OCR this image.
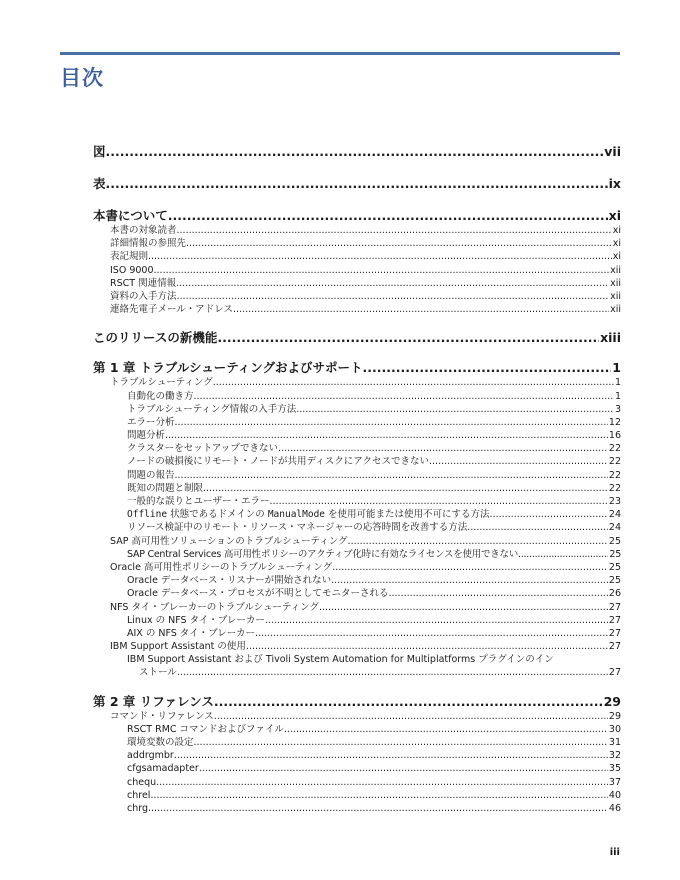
目次
図 .....	vii
表 .....	ix
本書について .....	xi
本書の対象読者 .....	xi
詳細情報の参照先 .....	xi
表記規則 .....	xi
ISO 9000 .....	xii
RSCT 関連情報 .....	xii
資料の入手方法 .....	xii
連絡先電子メール・アドレス .....	xii
このリリースの新機能 .....	xiii
第 1 章 トラブルシューティングおよびサポート .....	1
トラブルシューティング .....	1
自動化の働き方 .....	1
トラブルシューティング情報の入手方法 .....	3
エラー分析 .....	12
問題分析 .....	16
クラスターをセットアップできない .....	22
ノードの破損後にリモート・ノードが共用ディスクにアクセスできない .....	22
問題の報告 .....	22
既知の問題と制限 .....	22
一般的な誤りとユーザー・エラー .....	23
Offline 状態であるドメインの ManualMode を使用可能または使用不可にする方法 .....	24
リソース検証中のリモート・リソース・マネージャーの応答時間を改善する方法 .....	24
SAP 高可用性ソリューションのトラブルシューティング .....	25
SAP Central Services 高可用性ポリシーのアクティブ化時に有効なライセンスを使用できない .....	25
Oracle 高可用性ポリシーのトラブルシューティング .....	25
Oracle データベース・リスナーが開始されない .....	25
Oracle データベース・プロセスが不明としてモニターされる .....	26
NFS タイ・ブレーカーのトラブルシューティング .....	27
Linux の NFS タイ・ブレーカー .....	27
AIX の NFS タイ・ブレーカー .....	27
IBM Support Assistant の使用 .....	27
IBM Support Assistant および Tivoli System Automation for Multiplatforms プラグインのイン
ストール .....	27
第 2 章 リファレンス .....	29
コマンド・リファレンス .....	29
RSCT RMC コマンドおよびファイル .....	30
環境変数の設定 .....	31
addrgmbr .....	32
cfgsamadapter .....	35
chequ .....	37
chrel .....	40
chrg .....	46
iii
